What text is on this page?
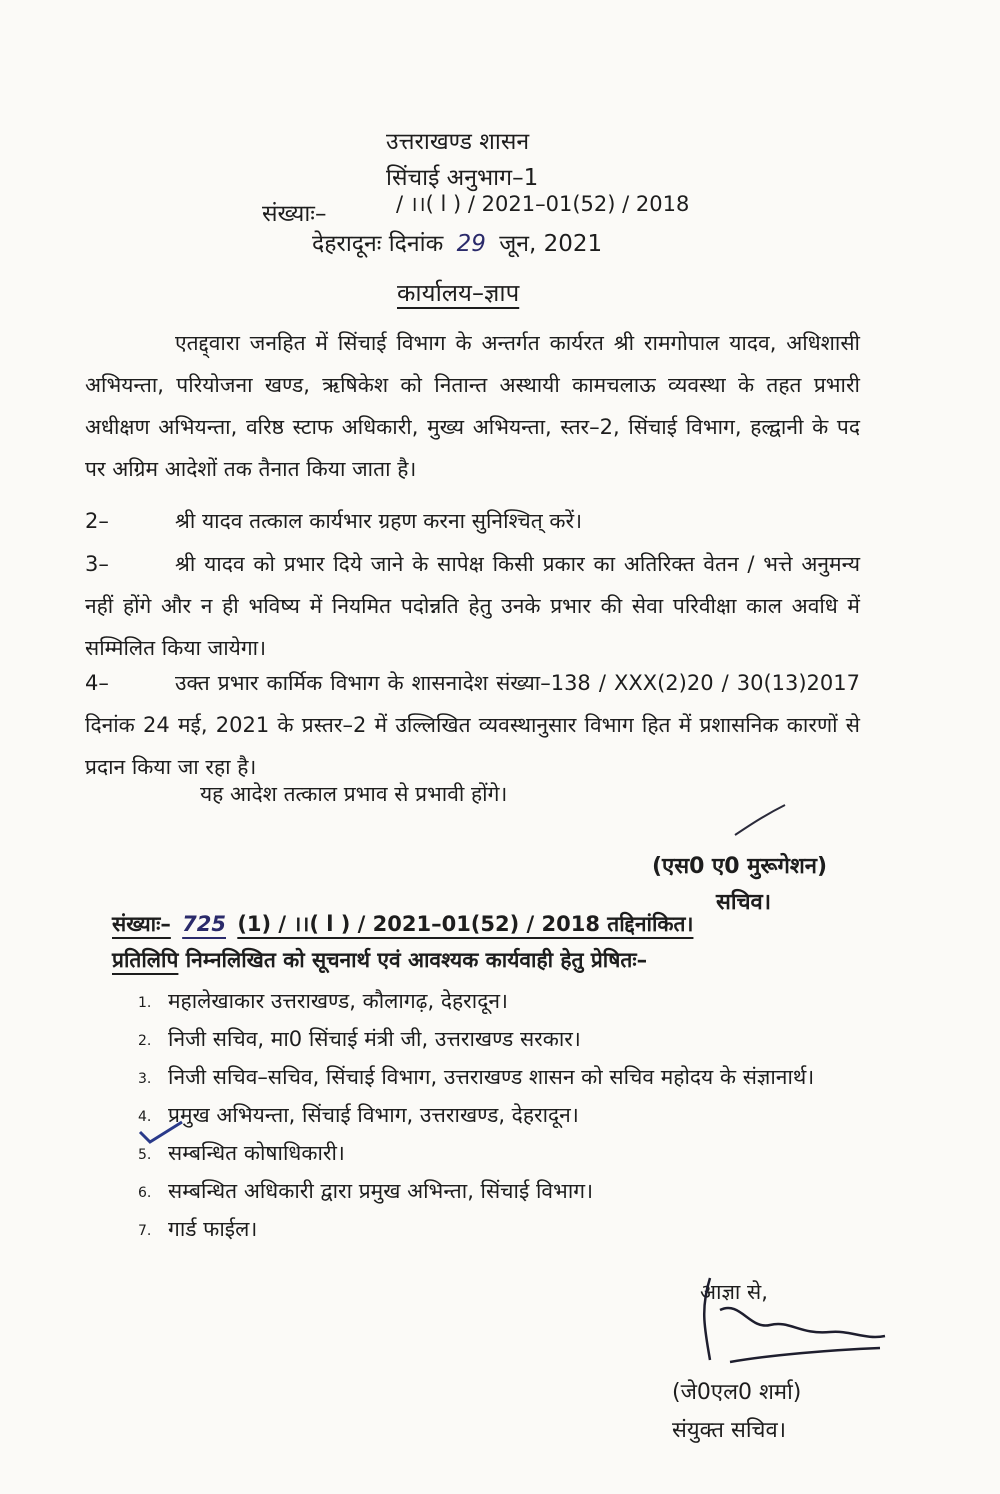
उत्तराखण्ड शासन
सिंचाई अनुभाग–1
संख्याः–	/ ।।( l ) / 2021–01(52) / 2018
देहरादूनः दिनांक 29 जून, 2021
कार्यालय–ज्ञाप
एतद्द्वारा जनहित में सिंचाई विभाग के अन्तर्गत कार्यरत श्री रामगोपाल यादव, अधिशासी अभियन्ता, परियोजना खण्ड, ऋषिकेश को नितान्त अस्थायी कामचलाऊ व्यवस्था के तहत प्रभारी अधीक्षण अभियन्ता, वरिष्ठ स्टाफ अधिकारी, मुख्य अभियन्ता, स्तर–2, सिंचाई विभाग, हल्द्वानी के पद पर अग्रिम आदेशों तक तैनात किया जाता है।
2–	श्री यादव तत्काल कार्यभार ग्रहण करना सुनिश्चित् करें।
3–	श्री यादव को प्रभार दिये जाने के सापेक्ष किसी प्रकार का अतिरिक्त वेतन / भत्ते अनुमन्य नहीं होंगे और न ही भविष्य में नियमित पदोन्नति हेतु उनके प्रभार की सेवा परिवीक्षा काल अवधि में सम्मिलित किया जायेगा।
4–	उक्त प्रभार कार्मिक विभाग के शासनादेश संख्या–138 / XXX(2)20 / 30(13)2017 दिनांक 24 मई, 2021 के प्रस्तर–2 में उल्लिखित व्यवस्थानुसार विभाग हित में प्रशासनिक कारणों से प्रदान किया जा रहा है।
यह आदेश तत्काल प्रभाव से प्रभावी होंगे।
(एस0 ए0 मुरूगेशन)
सचिव।
संख्याः– 725 (1) / ।।( l ) / 2021–01(52) / 2018 तद्दिनांकित।
प्रतिलिपि निम्नलिखित को सूचनार्थ एवं आवश्यक कार्यवाही हेतु प्रेषितः–
1. महालेखाकार उत्तराखण्ड, कौलागढ़, देहरादून।
2. निजी सचिव, मा0 सिंचाई मंत्री जी, उत्तराखण्ड सरकार।
3. निजी सचिव–सचिव, सिंचाई विभाग, उत्तराखण्ड शासन को सचिव महोदय के संज्ञानार्थ।
4. प्रमुख अभियन्ता, सिंचाई विभाग, उत्तराखण्ड, देहरादून।
5. सम्बन्धित कोषाधिकारी।
6. सम्बन्धित अधिकारी द्वारा प्रमुख अभिन्ता, सिंचाई विभाग।
7. गार्ड फाईल।
आज्ञा से,
(जे0एल0 शर्मा)
संयुक्त सचिव।
